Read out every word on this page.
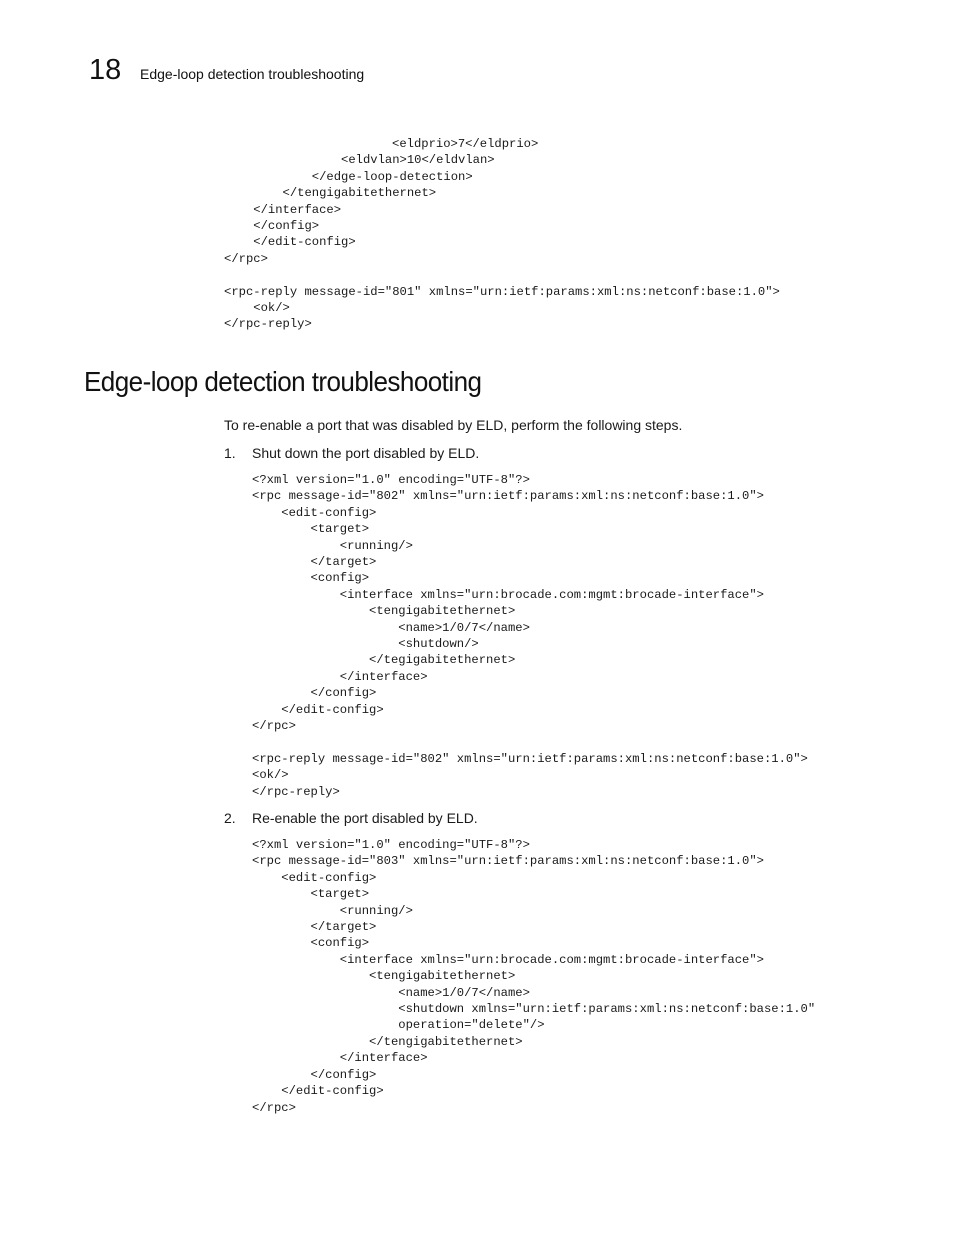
18 Edge-loop detection troubleshooting
<eldprio>7</eldprio>
<eldvlan>10</eldvlan>
</edge-loop-detection>
</tengigabitethernet>
</interface>
</config>
</edit-config>
</rpc>

<rpc-reply message-id="801" xmlns="urn:ietf:params:xml:ns:netconf:base:1.0">
<ok/>
</rpc-reply>
Edge-loop detection troubleshooting

To re-enable a port that was disabled by ELD, perform the following steps.

1. Shut down the port disabled by ELD.
<?xml version="1.0" encoding="UTF-8"?>
<rpc message-id="802" xmlns="urn:ietf:params:xml:ns:netconf:base:1.0">
<edit-config>
<target>
<running/>
</target>
<config>
<interface xmlns="urn:brocade.com:mgmt:brocade-interface">
<tengigabitethernet>
<name>1/0/7</name>
<shutdown/>
</tegigabitethernet>
</interface>
</config>
</edit-config>
</rpc>

<rpc-reply message-id="802" xmlns="urn:ietf:params:xml:ns:netconf:base:1.0">
<ok/>
</rpc-reply>
2. Re-enable the port disabled by ELD.
<?xml version="1.0" encoding="UTF-8"?>
<rpc message-id="803" xmlns="urn:ietf:params:xml:ns:netconf:base:1.0">
<edit-config>
<target>
<running/>
</target>
<config>
<interface xmlns="urn:brocade.com:mgmt:brocade-interface">
<tengigabitethernet>
<name>1/0/7</name>
<shutdown xmlns="urn:ietf:params:xml:ns:netconf:base:1.0"
operation="delete"/>
</tengigabitethernet>
</interface>
</config>
</edit-config>
</rpc>
